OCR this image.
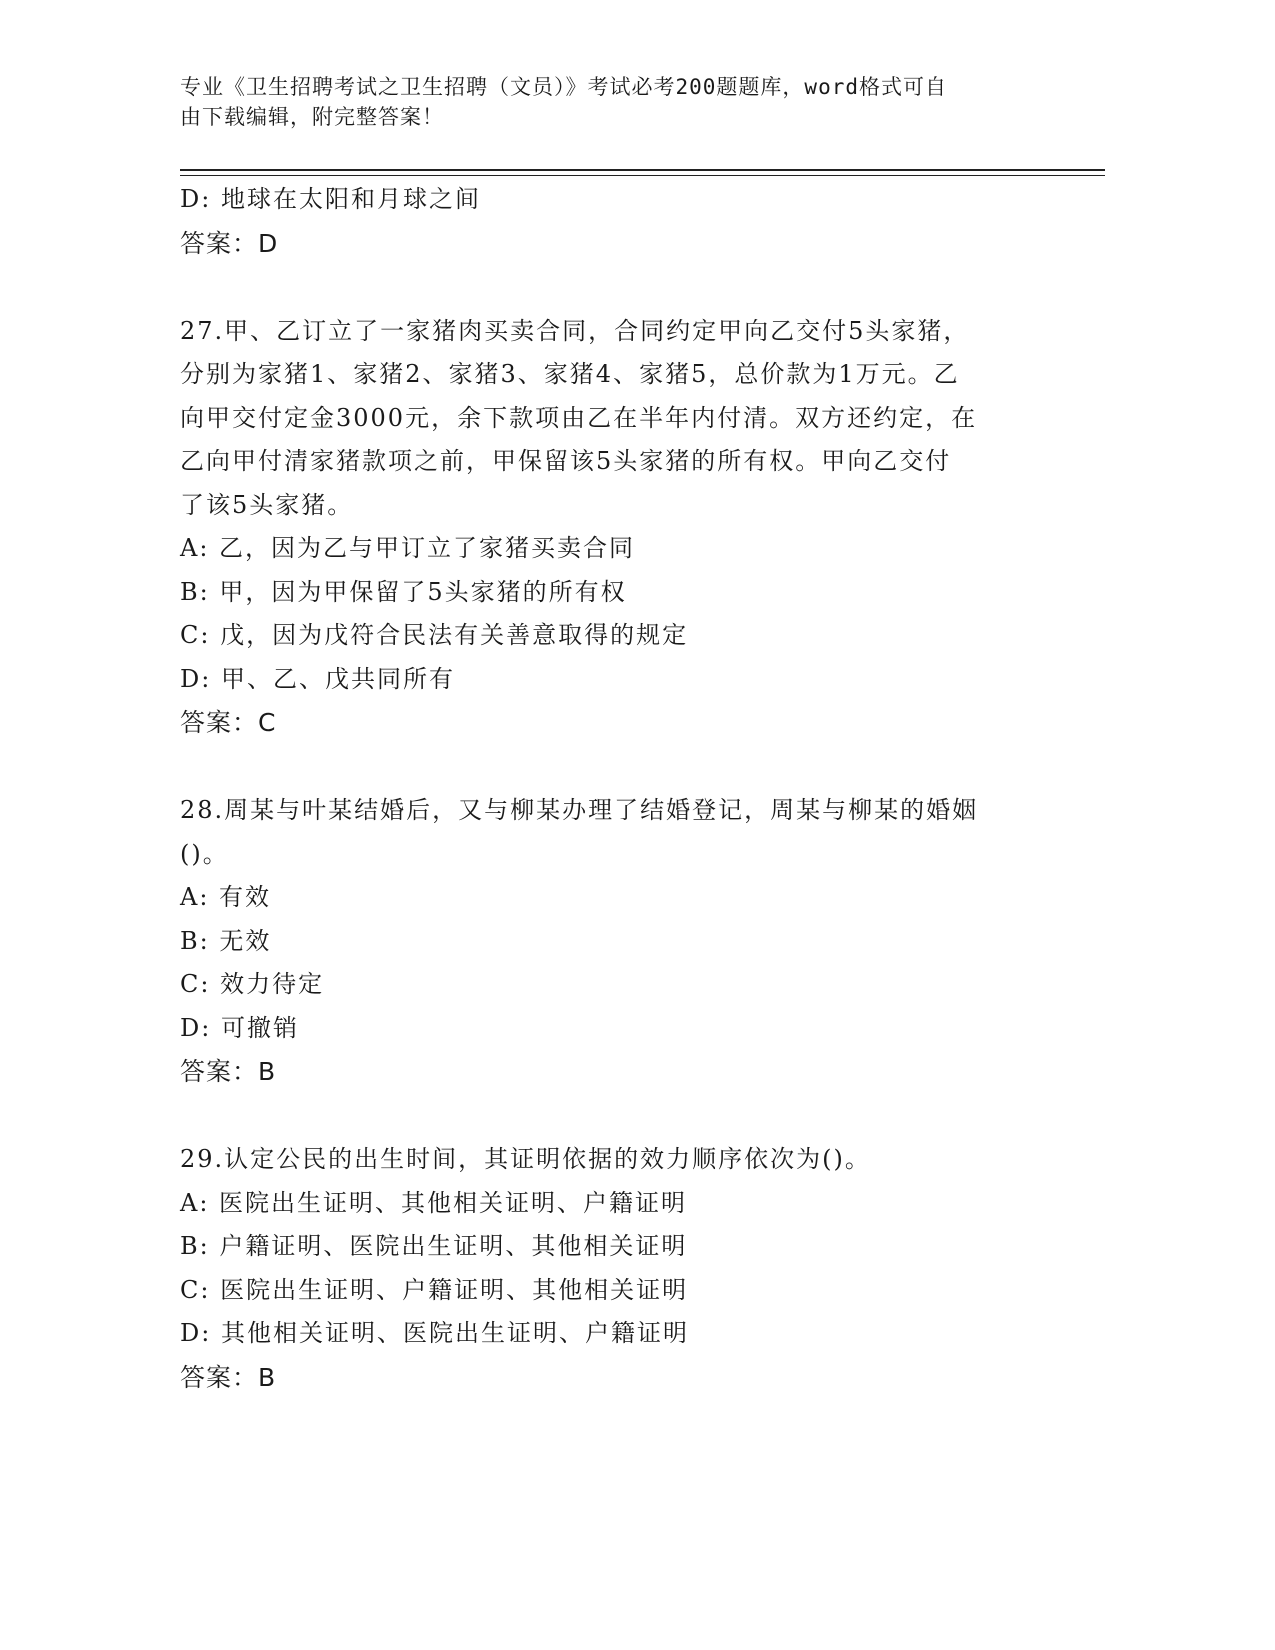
专业《卫生招聘考试之卫生招聘（文员）》考试必考200题题库，word格式可自
由下载编辑，附完整答案！
D: 地球在太阳和月球之间
答案：D
27.甲、乙订立了一家猪肉买卖合同，合同约定甲向乙交付5头家猪，
分别为家猪1、家猪2、家猪3、家猪4、家猪5，总价款为1万元。乙
向甲交付定金3000元，余下款项由乙在半年内付清。双方还约定，在
乙向甲付清家猪款项之前，甲保留该5头家猪的所有权。甲向乙交付
了该5头家猪。
A: 乙，因为乙与甲订立了家猪买卖合同
B: 甲，因为甲保留了5头家猪的所有权
C: 戊，因为戊符合民法有关善意取得的规定
D: 甲、乙、戊共同所有
答案：C
28.周某与叶某结婚后，又与柳某办理了结婚登记，周某与柳某的婚姻
()。
A: 有效
B: 无效
C: 效力待定
D: 可撤销
答案：B
29.认定公民的出生时间，其证明依据的效力顺序依次为()。
A: 医院出生证明、其他相关证明、户籍证明
B: 户籍证明、医院出生证明、其他相关证明
C: 医院出生证明、户籍证明、其他相关证明
D: 其他相关证明、医院出生证明、户籍证明
答案：B
